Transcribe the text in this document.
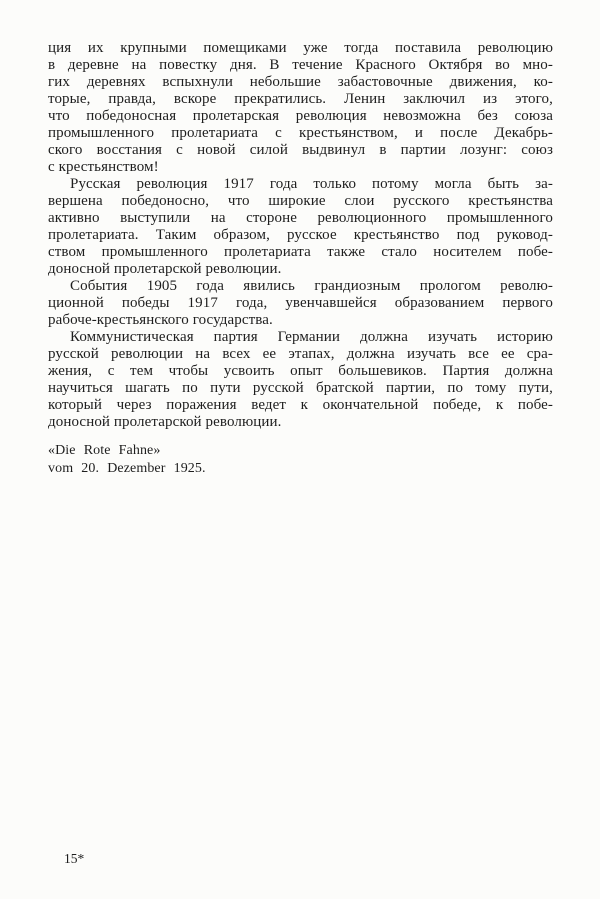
ция их крупными помещиками уже тогда поставила революцию
в деревне на повестку дня. В течение Красного Октября во мно-
гих деревнях вспыхнули небольшие забастовочные движения, ко-
торые, правда, вскоре прекратились. Ленин заключил из этого,
что победоносная пролетарская революция невозможна без союза
промышленного пролетариата с крестьянством, и после Декабрь-
ского восстания с новой силой выдвинул в партии лозунг: союз
с крестьянством!
Русская революция 1917 года только потому могла быть за-
вершена победоносно, что широкие слои русского крестьянства
активно выступили на стороне революционного промышленного
пролетариата. Таким образом, русское крестьянство под руковод-
ством промышленного пролетариата также стало носителем побе-
доносной пролетарской революции.
События 1905 года явились грандиозным прологом револю-
ционной победы 1917 года, увенчавшейся образованием первого
рабоче-крестьянского государства.
Коммунистическая партия Германии должна изучать историю
русской революции на всех ее этапах, должна изучать все ее сра-
жения, с тем чтобы усвоить опыт большевиков. Партия должна
научиться шагать по пути русской братской партии, по тому пути,
который через поражения ведет к окончательной победе, к побе-
доносной пролетарской революции.
«Die Rote Fahne»
vom 20. Dezember 1925.
15*
